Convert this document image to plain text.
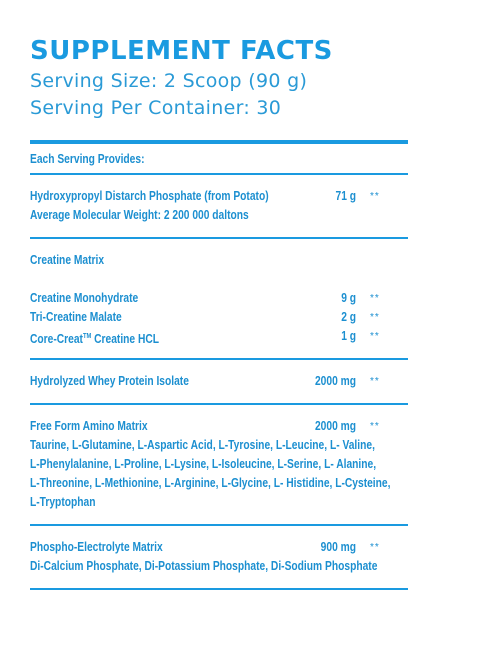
SUPPLEMENT FACTS
Serving Size: 2 Scoop (90 g)
Serving Per Container: 30
Each Serving Provides:
Hydroxypropyl Distarch Phosphate (from Potato)	71 g **
Average Molecular Weight: 2 200 000 daltons
Creatine Matrix
Creatine Monohydrate	9 g **
Tri-Creatine Malate	2 g **
Core-Creat™ Creatine HCL	1 g **
Hydrolyzed Whey Protein Isolate	2000 mg **
Free Form Amino Matrix	2000 mg **
Taurine, L-Glutamine, L-Aspartic Acid, L-Tyrosine, L-Leucine, L- Valine,
L-Phenylalanine, L-Proline, L-Lysine, L-Isoleucine, L-Serine, L- Alanine,
L-Threonine, L-Methionine, L-Arginine, L-Glycine, L- Histidine, L-Cysteine,
L-Tryptophan
Phospho-Electrolyte Matrix	900 mg **
Di-Calcium Phosphate, Di-Potassium Phosphate, Di-Sodium Phosphate
